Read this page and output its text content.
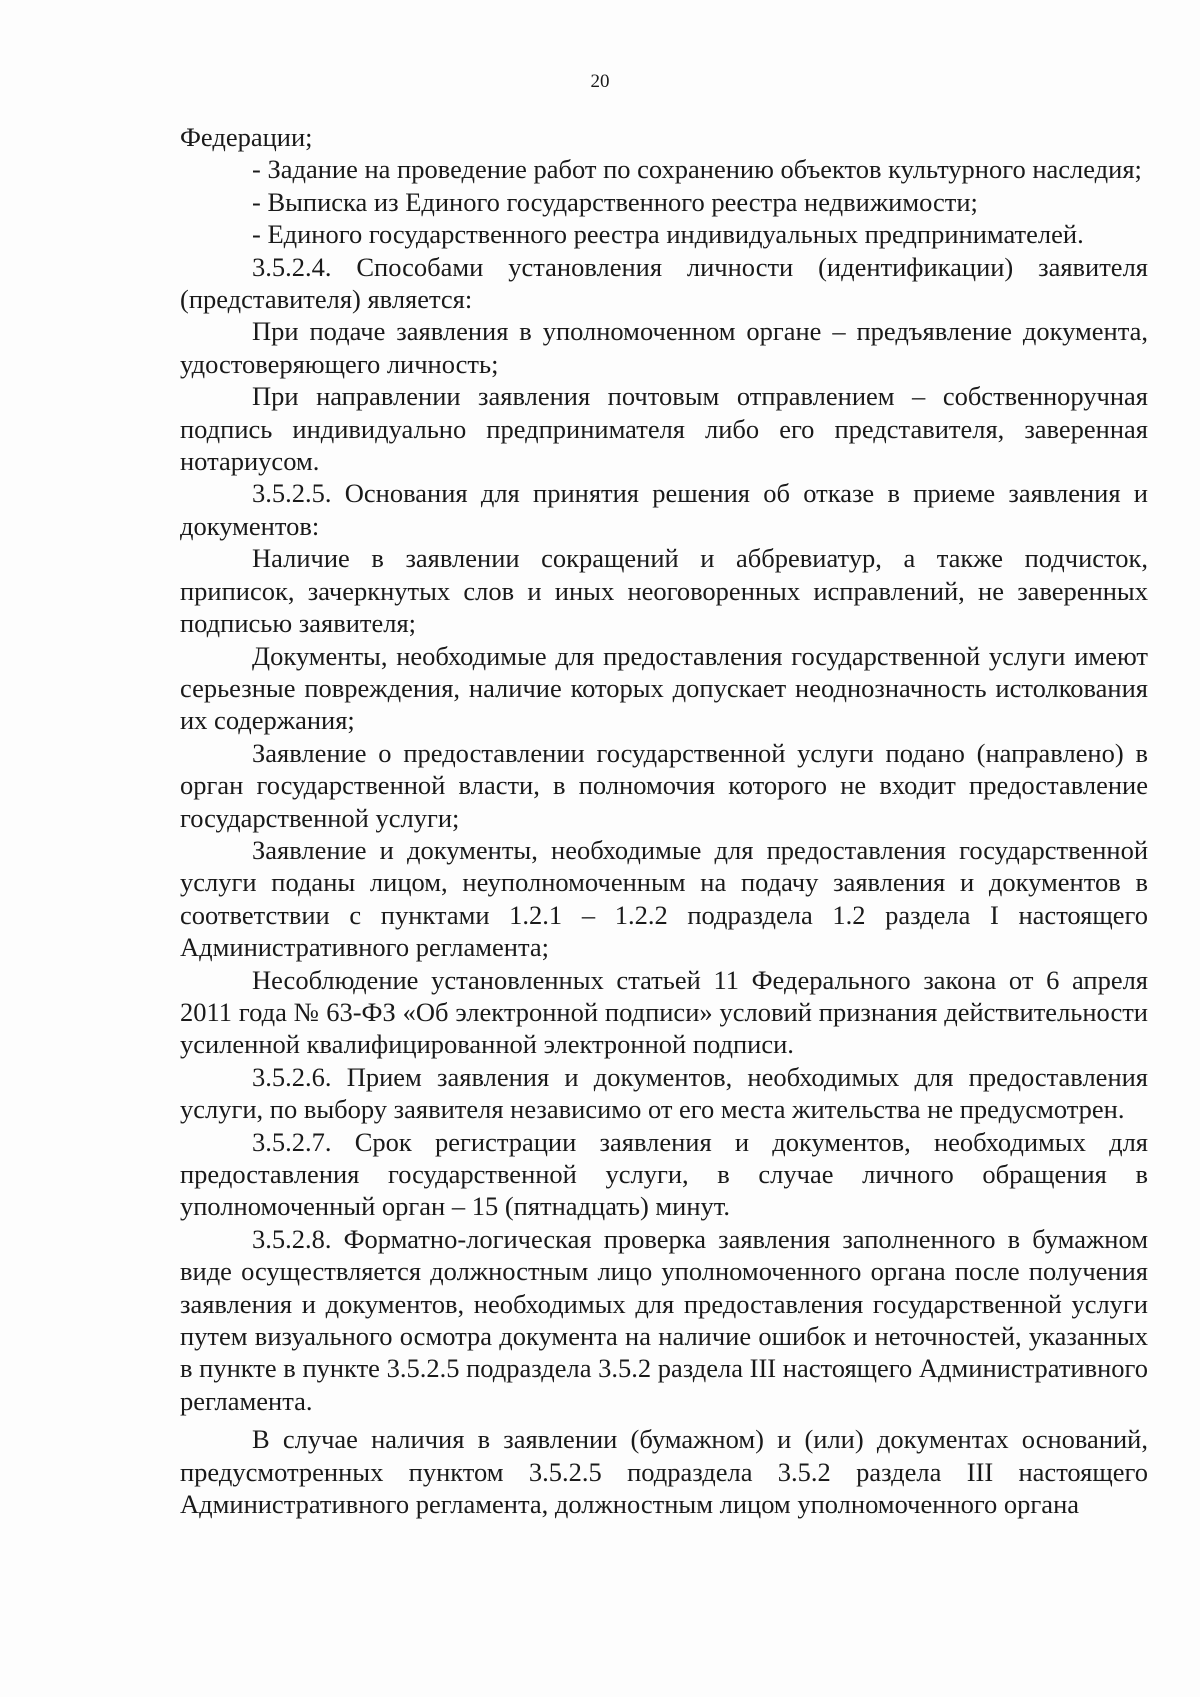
20

Федерации;

- Задание на проведение работ по сохранению объектов культурного наследия;

- Выписка из Единого государственного реестра недвижимости;

- Единого государственного реестра индивидуальных предпринимателей.

3.5.2.4. Способами установления личности (идентификации) заявителя (представителя) является:

При подаче заявления в уполномоченном органе – предъявление документа, удостоверяющего личность;

При направлении заявления почтовым отправлением – собственноручная подпись индивидуально предпринимателя либо его представителя, заверенная нотариусом.

3.5.2.5. Основания для принятия решения об отказе в приеме заявления и документов:

Наличие в заявлении сокращений и аббревиатур, а также подчисток, приписок, зачеркнутых слов и иных неоговоренных исправлений, не заверенных подписью заявителя;

Документы, необходимые для предоставления государственной услуги имеют серьезные повреждения, наличие которых допускает неоднозначность истолкования их содержания;

Заявление о предоставлении государственной услуги подано (направлено) в орган государственной власти, в полномочия которого не входит предоставление государственной услуги;

Заявление и документы, необходимые для предоставления государственной услуги поданы лицом, неуполномоченным на подачу заявления и документов в соответствии с пунктами 1.2.1 – 1.2.2 подраздела 1.2 раздела I настоящего Административного регламента;

Несоблюдение установленных статьей 11 Федерального закона от 6 апреля 2011 года № 63-ФЗ «Об электронной подписи» условий признания действительности усиленной квалифицированной электронной подписи.

3.5.2.6. Прием заявления и документов, необходимых для предоставления услуги, по выбору заявителя независимо от его места жительства не предусмотрен.

3.5.2.7. Срок регистрации заявления и документов, необходимых для предоставления государственной услуги, в случае личного обращения в уполномоченный орган – 15 (пятнадцать) минут.

3.5.2.8. Форматно-логическая проверка заявления заполненного в бумажном виде осуществляется должностным лицо уполномоченного органа после получения заявления и документов, необходимых для предоставления государственной услуги путем визуального осмотра документа на наличие ошибок и неточностей, указанных в пункте в пункте 3.5.2.5 подраздела 3.5.2 раздела III настоящего Административного регламента.

В случае наличия в заявлении (бумажном) и (или) документах оснований, предусмотренных пунктом 3.5.2.5 подраздела 3.5.2 раздела III настоящего Административного регламента, должностным лицом уполномоченного органа
